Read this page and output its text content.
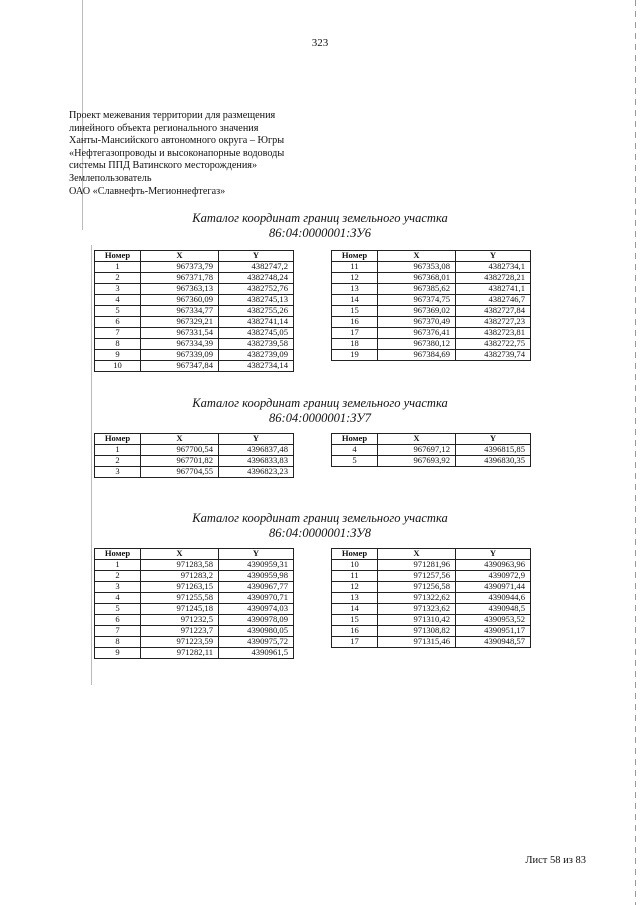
323
Проект межевания территории для размещения
линейного объекта регионального значения
Ханты-Мансийского автономного округа – Югры
«Нефтегазопроводы и высоконапорные водоводы
системы ППД Ватинского месторождения»
Землепользователь
ОАО «Славнефть-Мегионнефтегаз»
Каталог координат границ земельного участка
86:04:0000001:ЗУ6
Номер	X	Y
1	967373,79	4382747,2
2	967371,78	4382748,24
3	967363,13	4382752,76
4	967360,09	4382745,13
5	967334,77	4382755,26
6	967329,21	4382741,14
7	967331,54	4382745,05
8	967334,39	4382739,58
9	967339,09	4382739,09
10	967347,84	4382734,14
Номер	X	Y
11	967353,08	4382734,1
12	967368,01	4382728,21
13	967385,62	4382741,1
14	967374,75	4382746,7
15	967369,02	4382727,84
16	967370,49	4382727,23
17	967376,41	4382723,81
18	967380,12	4382722,75
19	967384,69	4382739,74
Каталог координат границ земельного участка
86:04:0000001:ЗУ7
Номер	X	Y
1	967700,54	4396837,48
2	967701,82	4396833,83
3	967704,55	4396823,23
Номер	X	Y
4	967697,12	4396815,85
5	967693,92	4396830,35
Каталог координат границ земельного участка
86:04:0000001:ЗУ8
Номер	X	Y
1	971283,58	4390959,31
2	971283,2	4390959,98
3	971263,15	4390967,77
4	971255,58	4390970,71
5	971245,18	4390974,03
6	971232,5	4390978,09
7	971223,7	4390980,05
8	971223,59	4390975,72
9	971282,11	4390961,5
Номер	X	Y
10	971281,96	4390963,96
11	971257,56	4390972,9
12	971256,58	4390971,44
13	971322,62	4390944,6
14	971323,62	4390948,5
15	971310,42	4390953,52
16	971308,82	4390951,17
17	971315,46	4390948,57
Лист 58 из 83
